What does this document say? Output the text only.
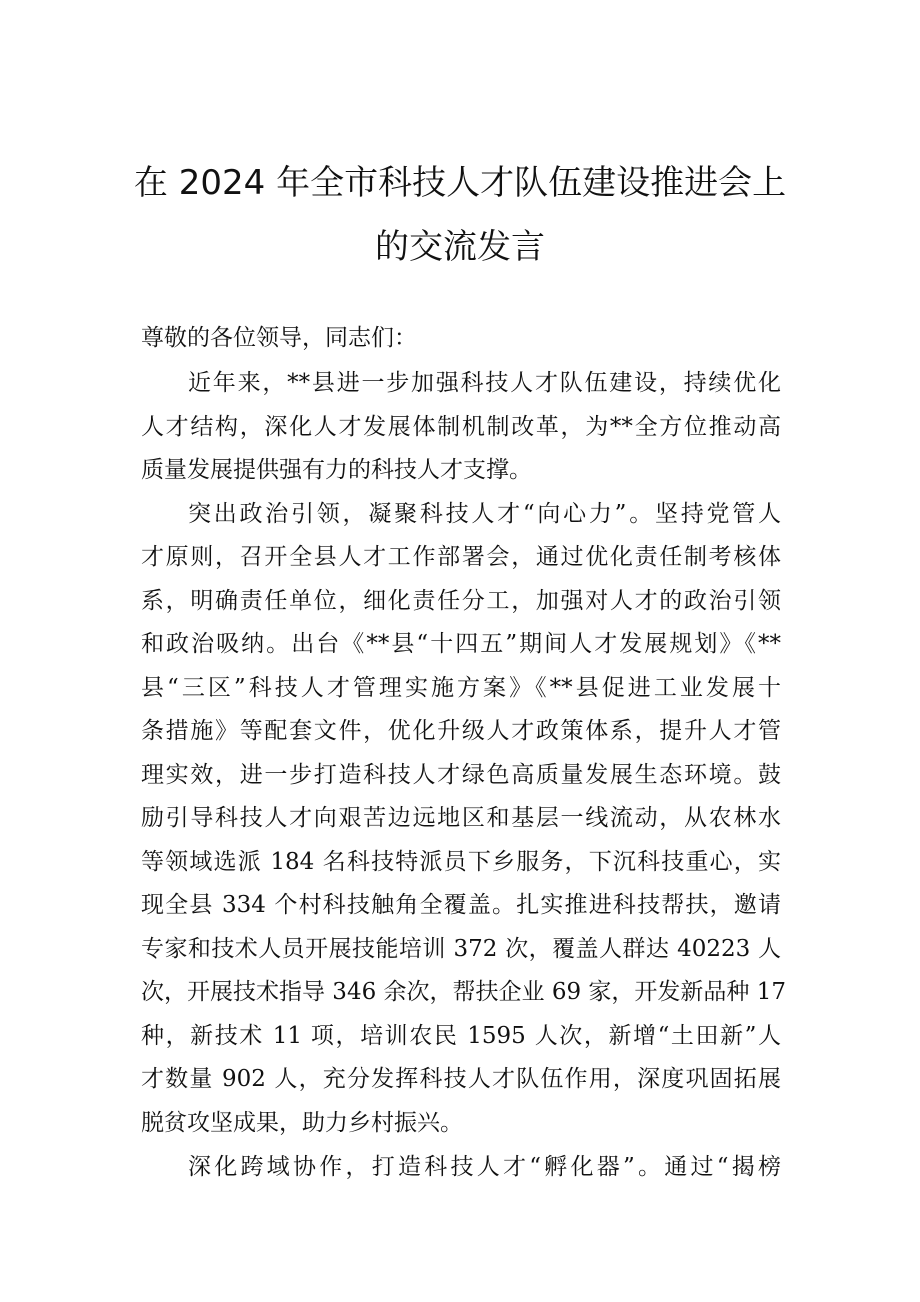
在 2024 年全市科技人才队伍建设推进会上
的交流发言
尊敬的各位领导，同志们：
近年来，**县进一步加强科技人才队伍建设，持续优化
人才结构，深化人才发展体制机制改革，为**全方位推动高
质量发展提供强有力的科技人才支撑。
突出政治引领，凝聚科技人才“向心力”。坚持党管人
才原则，召开全县人才工作部署会，通过优化责任制考核体
系，明确责任单位，细化责任分工，加强对人才的政治引领
和政治吸纳。出台《**县“十四五”期间人才发展规划》《**
县“三区”科技人才管理实施方案》《**县促进工业发展十
条措施》等配套文件，优化升级人才政策体系，提升人才管
理实效，进一步打造科技人才绿色高质量发展生态环境。鼓
励引导科技人才向艰苦边远地区和基层一线流动，从农林水
等领域选派 184 名科技特派员下乡服务，下沉科技重心，实
现全县 334 个村科技触角全覆盖。扎实推进科技帮扶，邀请
专家和技术人员开展技能培训 372 次，覆盖人群达 40223 人
次，开展技术指导 346 余次，帮扶企业 69 家，开发新品种 17
种，新技术 11 项，培训农民 1595 人次，新增“土田新”人
才数量 902 人，充分发挥科技人才队伍作用，深度巩固拓展
脱贫攻坚成果，助力乡村振兴。
深化跨域协作，打造科技人才“孵化器”。通过“揭榜
